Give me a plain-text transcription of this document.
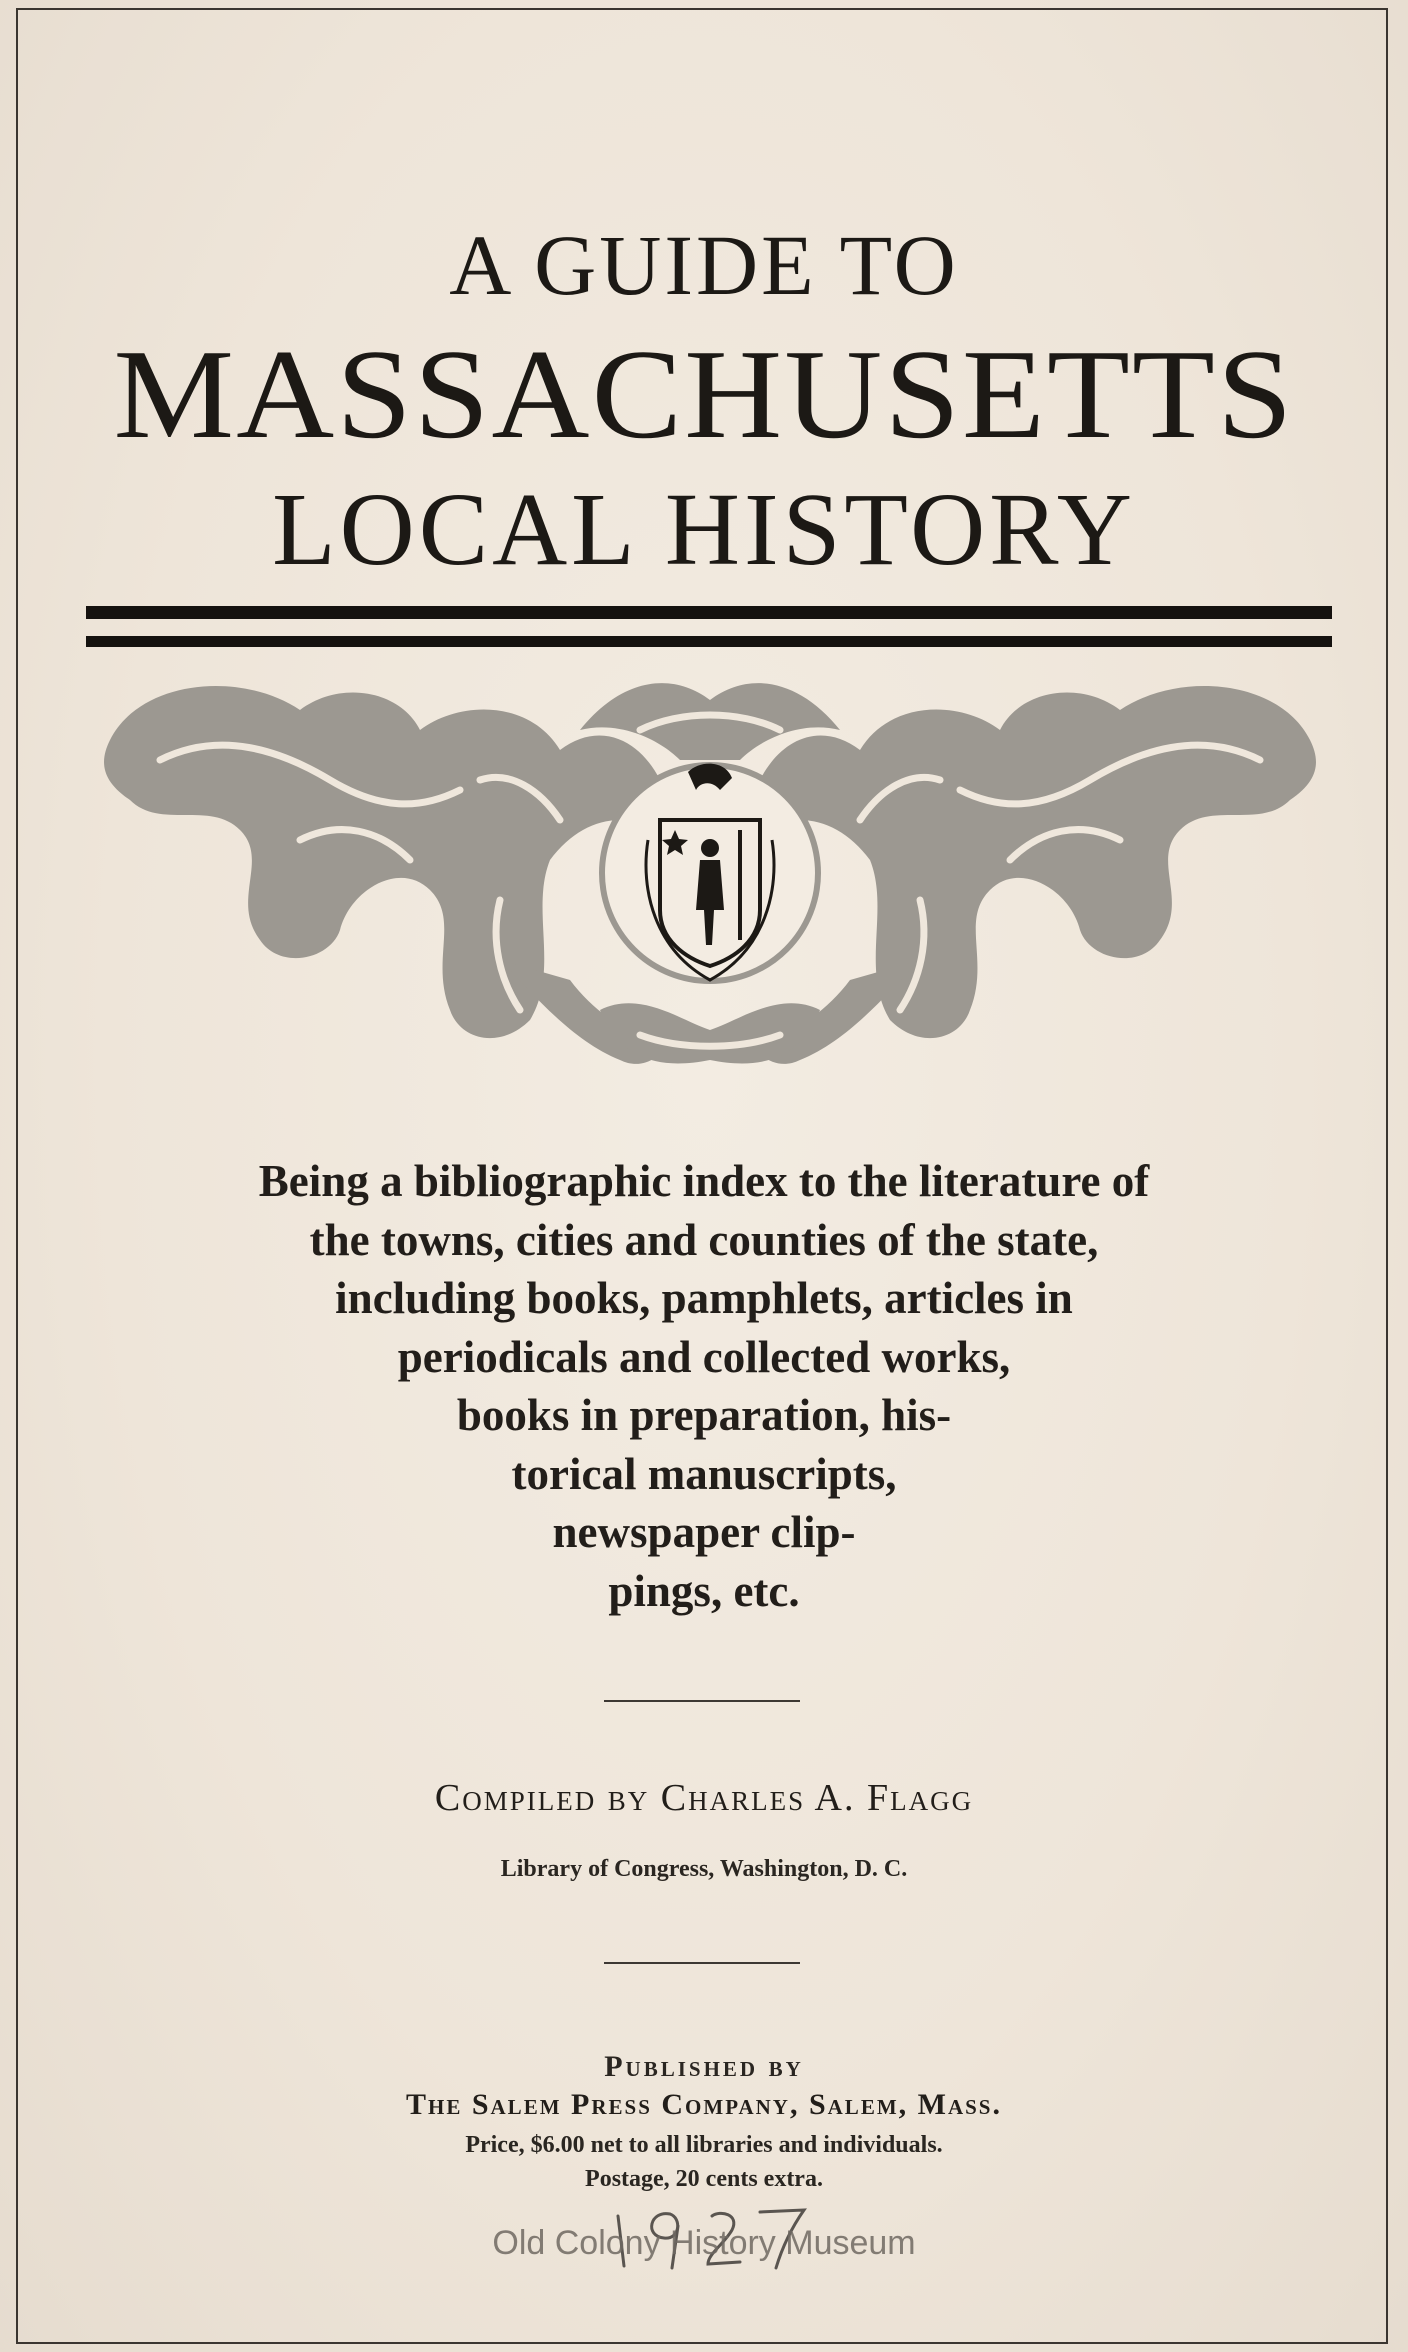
A GUIDE TO
MASSACHUSETTS
LOCAL HISTORY
Being a bibliographic index to the literature of
the towns, cities and counties of the state,
including books, pamphlets, articles in
periodicals and collected works,
books in preparation, his-
torical manuscripts,
newspaper clip-
pings, etc.
Compiled by Charles A. Flagg
Library of Congress, Washington, D. C.
Published by
The Salem Press Company, Salem, Mass.
Price, $6.00 net to all libraries and individuals.
Postage, 20 cents extra.
Old Colony History Museum
